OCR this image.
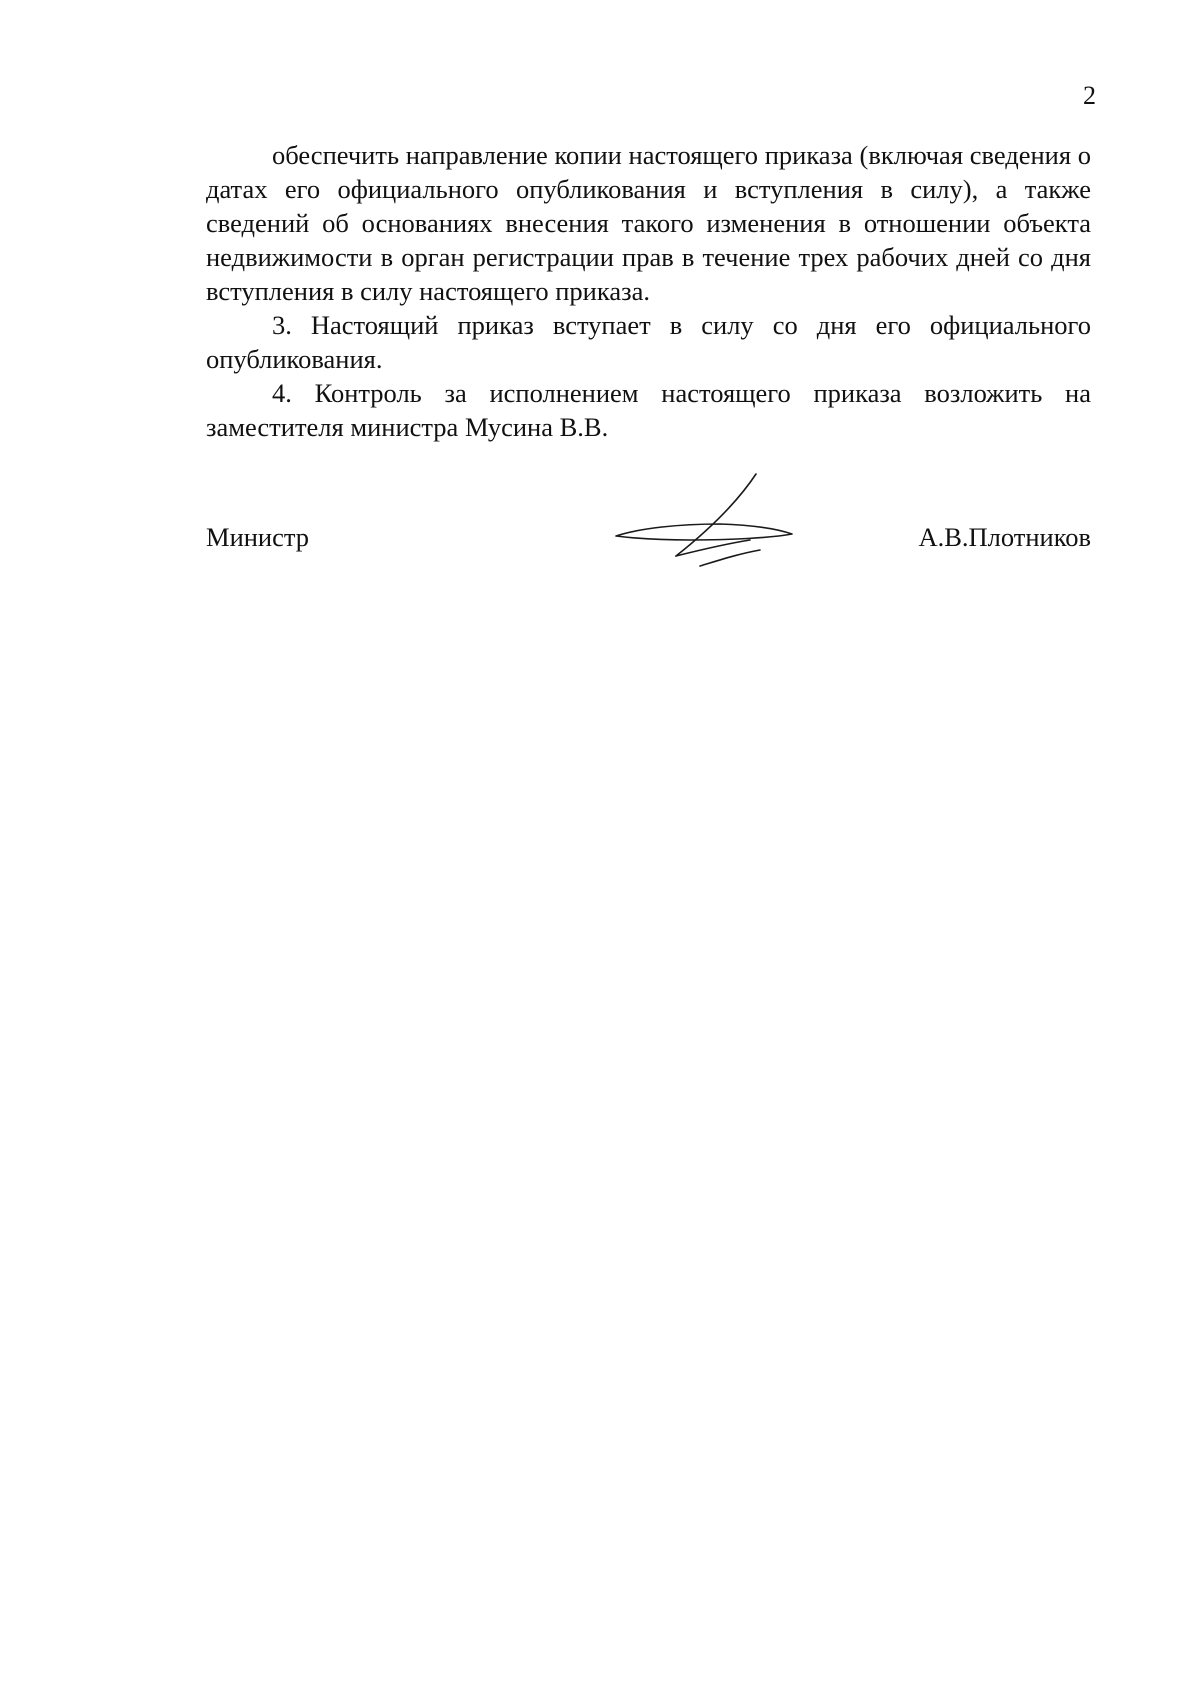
2

обеспечить направление копии настоящего приказа (включая сведения о датах его официального опубликования и вступления в силу), а также сведений об основаниях внесения такого изменения в отношении объекта недвижимости в орган регистрации прав в течение трех рабочих дней со дня вступления в силу настоящего приказа.

3. Настоящий приказ вступает в силу со дня его официального опубликования.

4. Контроль за исполнением настоящего приказа возложить на заместителя министра Мусина В.В.

Министр	А.В.Плотников
